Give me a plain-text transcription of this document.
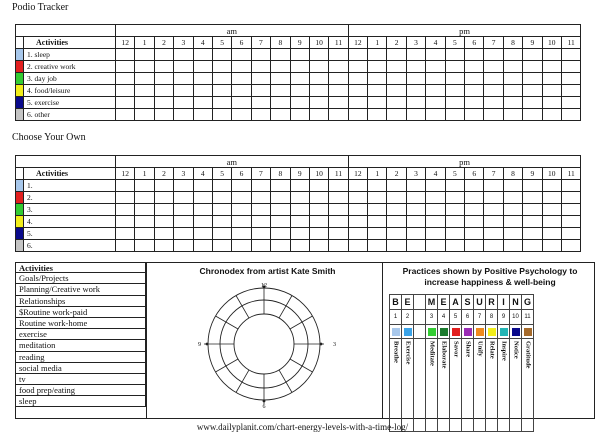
Podio Tracker
		am												pm											
	Activities	12	1	2	3	4	5	6	7	8	9	10	11	12	1	2	3	4	5	6	7	8	9	10	11
	1. sleep																								
	2. creative work																								
	3. day job																								
	4. food/leisure																								
	5. exercise																								
	6. other																								
Choose Your Own
		am												pm											
	Activities	12	1	2	3	4	5	6	7	8	9	10	11	12	1	2	3	4	5	6	7	8	9	10	11
	1.																								
	2.																								
	3.																								
	4.																								
	5.																								
	6.																								
Activities
Goals/Projects
Planning/Creative work
Relationships
$Routine work-paid
Routine work-home
exercise
meditation
reading
social media
tv
food prep/eating
sleep
Chronodex from artist Kate Smith
12
3
6
9
Practices shown by Positive Psychology to
increase happiness & well-being
B	E		M	E	A	S	U	R	I	N	G
1	2		3	4	5	6	7	8	9	10	11

Breathe	Exercise		Meditate	Elaborate	Savor	Share	Unify	Relate	Inspire	Notice	Gratitude
www.dailyplanit.com/chart-energy-levels-with-a-time-log/
